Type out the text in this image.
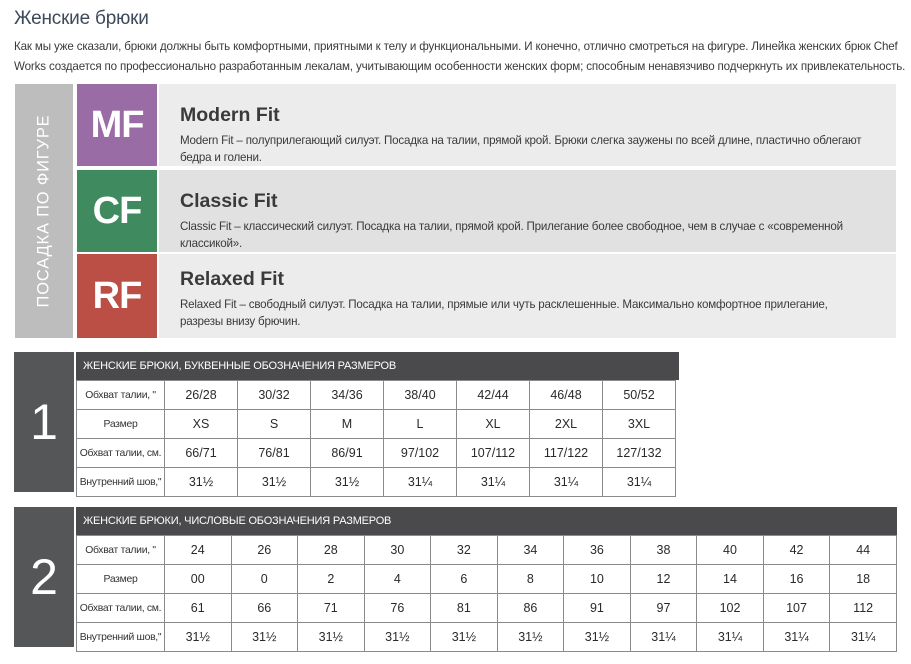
Женские брюки
Как мы уже сказали, брюки должны быть комфортными, приятными к телу и функциональными. И конечно, отлично смотреться на фигуре. Линейка женских брюк Chef
Works создается по профессионально разработанным лекалам, учитывающим особенности женских форм; способным ненавязчиво подчеркнуть их привлекательность.
ПОСАДКА ПО ФИГУРЕ	MF	Modern Fit
Modern Fit – полуприлегающий силуэт. Посадка на талии, прямой крой. Брюки слегка заужены по всей длине, пластично облегают
бедра и голени.
CF	Classic Fit
Classic Fit – классический силуэт. Посадка на талии, прямой крой. Прилегание более свободное, чем в случае с «современной
классикой».
RF	Relaxed Fit
Relaxed Fit – свободный силуэт. Посадка на талии, прямые или чуть расклешенные. Максимально комфортное прилегание,
разрезы внизу брючин.
1
ЖЕНСКИЕ БРЮКИ, БУКВЕННЫЕ ОБОЗНАЧЕНИЯ РАЗМЕРОВ
Обхват талии, "	26/28	30/32	34/36	38/40	42/44	46/48	50/52
Размер	XS	S	M	L	XL	2XL	3XL
Обхват талии, см.	66/71	76/81	86/91	97/102	107/112	117/122	127/132
Внутренний шов,"	31½	31½	31½	31¼	31¼	31¼	31¼
2
ЖЕНСКИЕ БРЮКИ, ЧИСЛОВЫЕ ОБОЗНАЧЕНИЯ РАЗМЕРОВ
Обхват талии, "	24	26	28	30	32	34	36	38	40	42	44
Размер	00	0	2	4	6	8	10	12	14	16	18
Обхват талии, см.	61	66	71	76	81	86	91	97	102	107	112
Внутренний шов,"	31½	31½	31½	31½	31½	31½	31½	31¼	31¼	31¼	31¼
